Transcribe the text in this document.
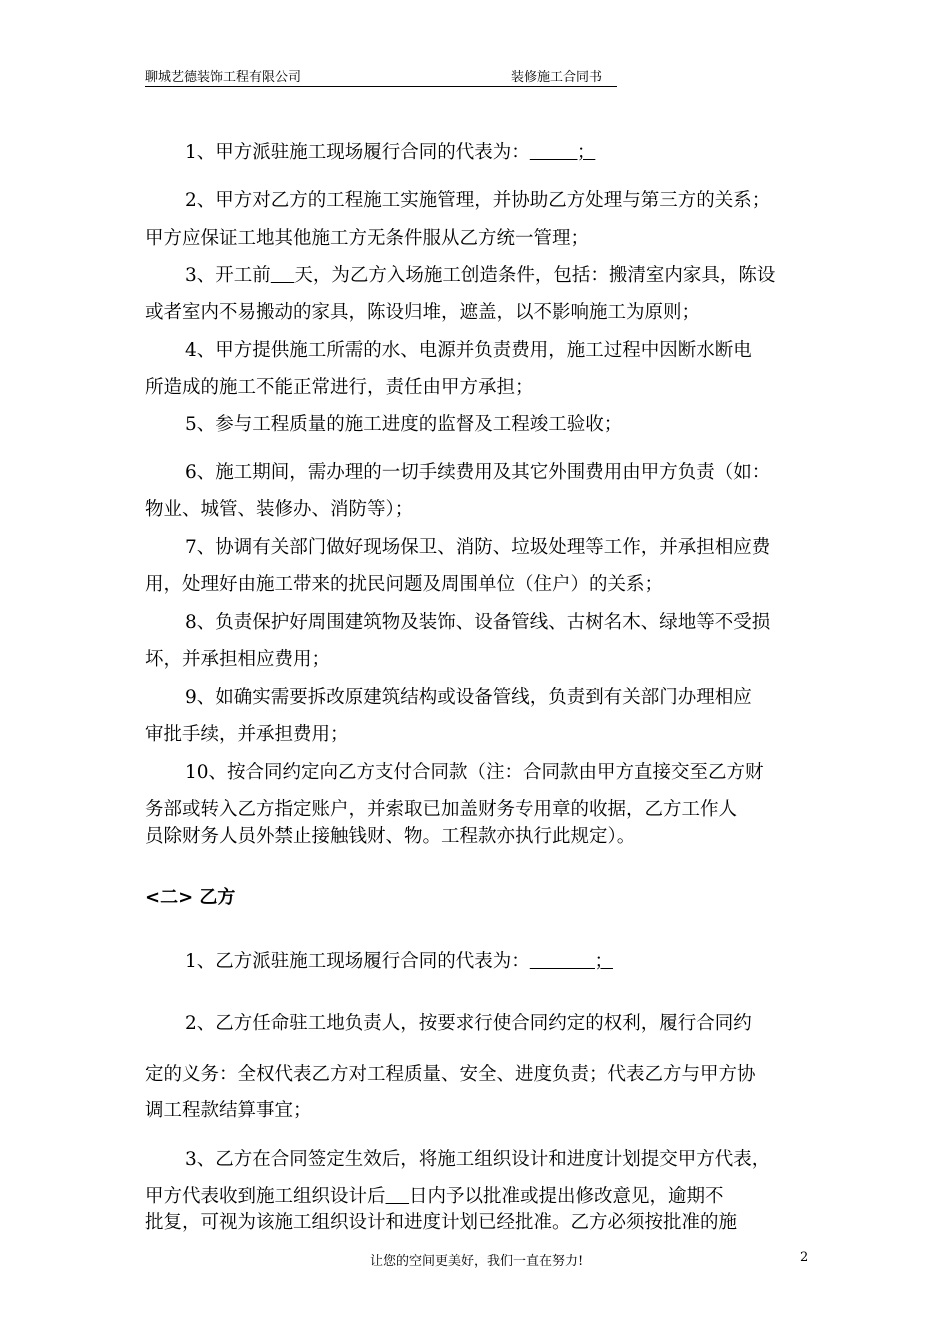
聊城艺德装饰工程有限公司	装修施工合同书
1、甲方派驻施工现场履行合同的代表为：        ；
2、甲方对乙方的工程施工实施管理，并协助乙方处理与第三方的关系；
甲方应保证工地其他施工方无条件服从乙方统一管理；
3、开工前 天，为乙方入场施工创造条件，包括：搬清室内家具，陈设
或者室内不易搬动的家具，陈设归堆，遮盖，以不影响施工为原则；
4、甲方提供施工所需的水、电源并负责费用，施工过程中因断水断电
所造成的施工不能正常进行，责任由甲方承担；
5、参与工程质量的施工进度的监督及工程竣工验收；
6、施工期间，需办理的一切手续费用及其它外围费用由甲方负责（如：
物业、城管、装修办、消防等）；
7、协调有关部门做好现场保卫、消防、垃圾处理等工作，并承担相应费
用，处理好由施工带来的扰民问题及周围单位（住户）的关系；
8、负责保护好周围建筑物及装饰、设备管线、古树名木、绿地等不受损
坏，并承担相应费用；
9、如确实需要拆改原建筑结构或设备管线，负责到有关部门办理相应
审批手续，并承担费用；
10、按合同约定向乙方支付合同款（注：合同款由甲方直接交至乙方财
务部或转入乙方指定账户，并索取已加盖财务专用章的收据，乙方工作人
员除财务人员外禁止接触钱财、物。工程款亦执行此规定）。
<二> 乙方
1、乙方派驻施工现场履行合同的代表为：           ；
2、乙方任命驻工地负责人，按要求行使合同约定的权利，履行合同约
定的义务：全权代表乙方对工程质量、安全、进度负责；代表乙方与甲方协
调工程款结算事宜；
3、乙方在合同签定生效后，将施工组织设计和进度计划提交甲方代表，
甲方代表收到施工组织设计后 日内予以批准或提出修改意见，逾期不
批复，可视为该施工组织设计和进度计划已经批准。乙方必须按批准的施
让您的空间更美好，我们一直在努力!	2
